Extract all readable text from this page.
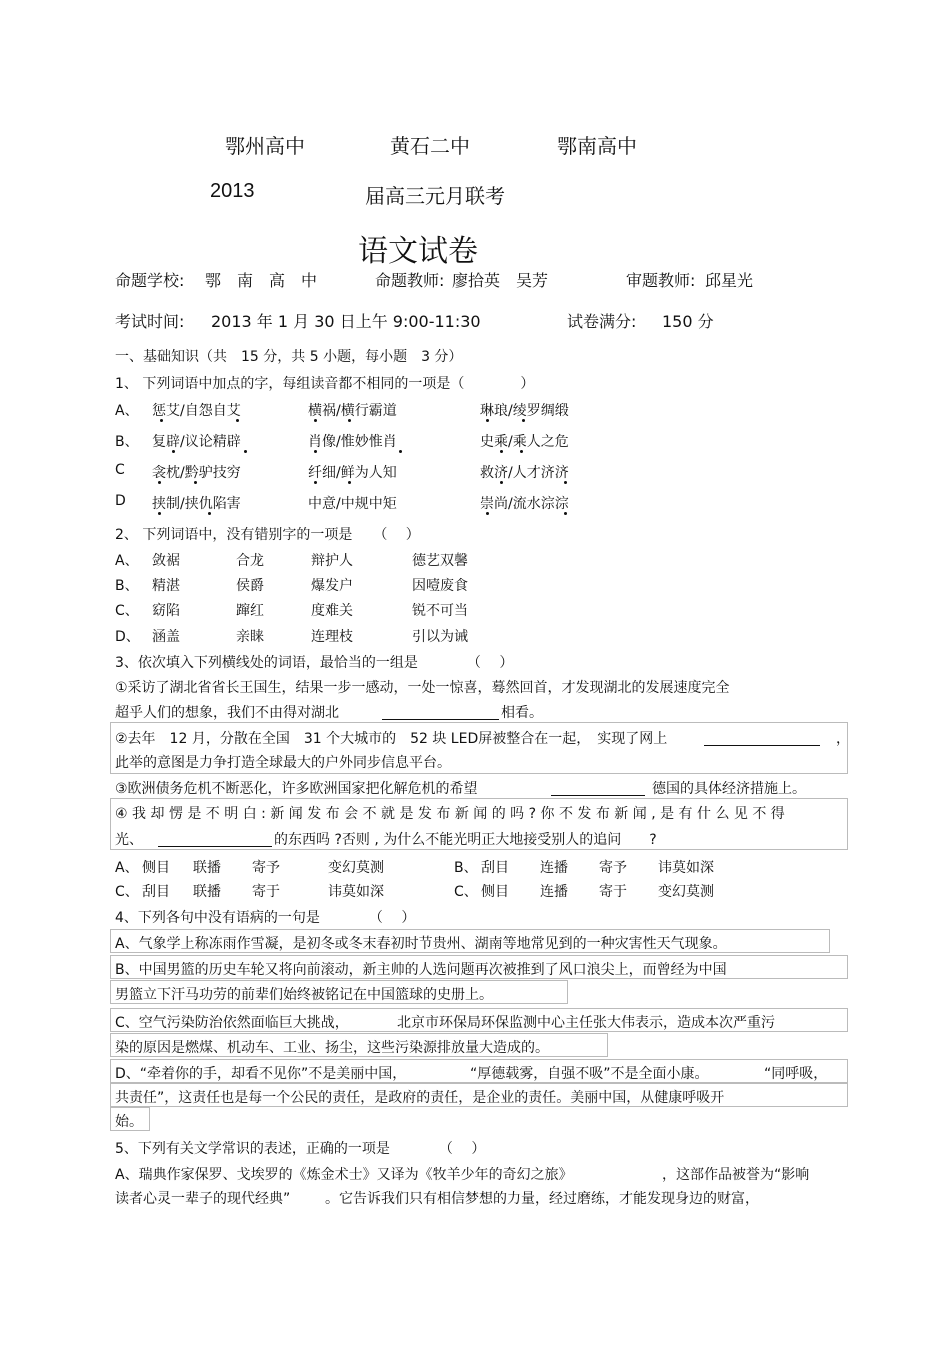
鄂州高中	黄石二中	鄂南高中
2013	届高三元月联考
语文试卷
命题学校: 鄂　南　高　中	命题教师: 廖拾英　吴芳	审题教师: 邱星光
考试时间: 2013 年 1 月 30 日上午 9:00-11:30	试卷满分: 150 分
一、基础知识（共　15 分，共 5 小题，每小题　3 分）
1、 下列词语中加点的字，每组读音都不相同的一项是（　　　　）
A、 惩艾/自怨自艾	横祸/横行霸道	琳琅/绫罗绸缎
B、 复辟/议论精辟	肖像/惟妙惟肖	史乘/乘人之危
C 衾枕/黔驴技穷	纤细/鲜为人知	救济/人才济济
D 挟制/挟仇陷害	中意/中规中矩	崇尚/流水淙淙
2、 下列词语中，没有错别字的一项是　　（　 ）
A、 敛裾	合龙	辩护人	德艺双馨
B、 精湛	侯爵	爆发户	因噎废食
C、 窈陷	蹿红	度难关	锐不可当
D、 涵盖	亲睐	连理枝	引以为诫
3、依次填入下列横线处的词语，最恰当的一组是　　　　（　 ）
①采访了湖北省省长王国生，结果一步一感动，一处一惊喜，蓦然回首，才发现湖北的发展速度完全
超乎人们的想象，我们不由得对湖北	相看。
②去年　12 月，分散在全国　31 个大城市的　52 块 LED屏被整合在一起，　实现了网上	，
此举的意图是力争打造全球最大的户外同步信息平台。
③欧洲债务危机不断恶化，许多欧洲国家把化解危机的希望	德国的具体经济措施上。
④ 我 却 愣 是 不 明 白 : 新 闻 发 布 会 不 就 是 发 布 新 闻 的 吗 ? 你 不 发 布 新 闻 , 是 有 什 么 见 不 得
光、	的东西吗 ?否则 , 为什么不能光明正大地接受别人的追问　　?
A、 侧目 联播 寄予	变幻莫测	B、 刮目 连播 寄予 讳莫如深
C、 刮目 联播 寄于	讳莫如深	C、 侧目 连播 寄于 变幻莫测
4、下列各句中没有语病的一句是　　　　（　 ）
A、气象学上称冻雨作雪凝，是初冬或冬末春初时节贵州、湖南等地常见到的一种灾害性天气现象。
B、中国男篮的历史车轮又将向前滚动，新主帅的人选问题再次被推到了风口浪尖上，而曾经为中国
男篮立下汗马功劳的前辈们始终被铭记在中国篮球的史册上。
C、空气污染防治依然面临巨大挑战，	北京市环保局环保监测中心主任张大伟表示，造成本次严重污
染的原因是燃煤、机动车、工业、扬尘，这些污染源排放量大造成的。
D、“牵着你的手，却看不见你”不是美丽中国，	“厚德载雾，自强不吸”不是全面小康。	“同呼吸，
共责任”，这责任也是每一个公民的责任，是政府的责任，是企业的责任。美丽中国，从健康呼吸开
始。
5、下列有关文学常识的表述，正确的一项是　　　　（　 ）
A、瑞典作家保罗、戈埃罗的《炼金术士》又译为《牧羊少年的奇幻之旅》	，这部作品被誉为“影响
读者心灵一辈子的现代经典” 。它告诉我们只有相信梦想的力量，经过磨练，才能发现身边的财富，
